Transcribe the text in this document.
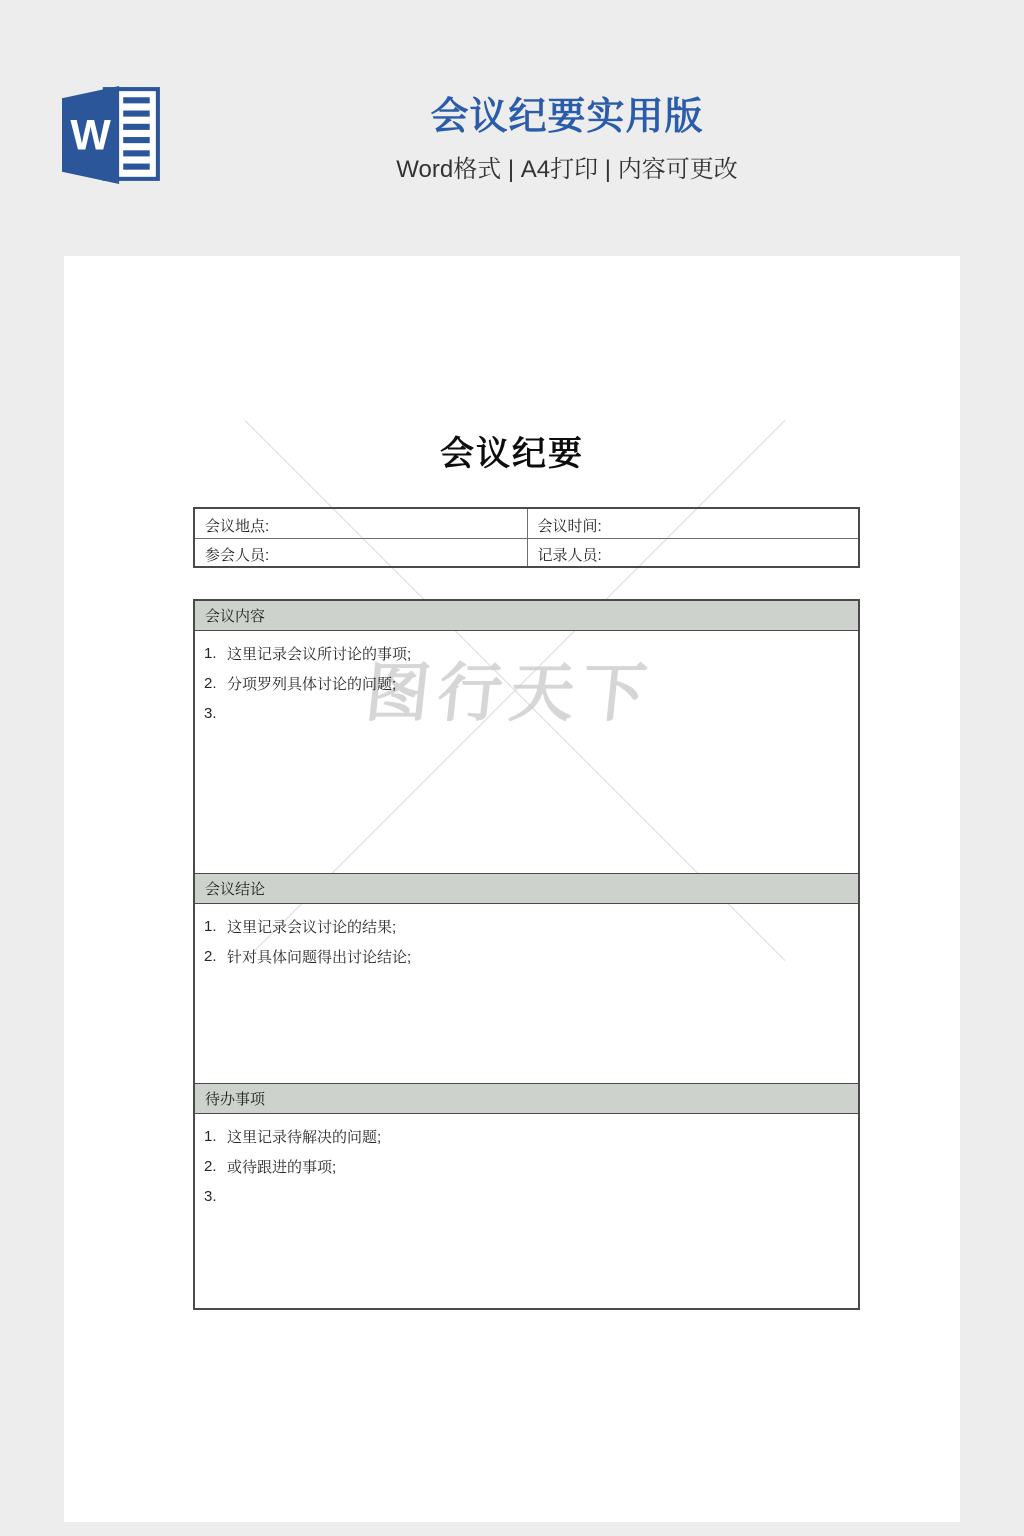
W	会议纪要实用版
Word格式 | A4打印 | 内容可更改
图行天下
会议纪要
会议地点:	会议时间:
参会人员:	记录人员:
会议内容
1. 这里记录会议所讨论的事项;
2. 分项罗列具体讨论的问题;
3.
会议结论
1. 这里记录会议讨论的结果;
2. 针对具体问题得出讨论结论;
待办事项
1. 这里记录待解决的问题;
2. 或待跟进的事项;
3.
